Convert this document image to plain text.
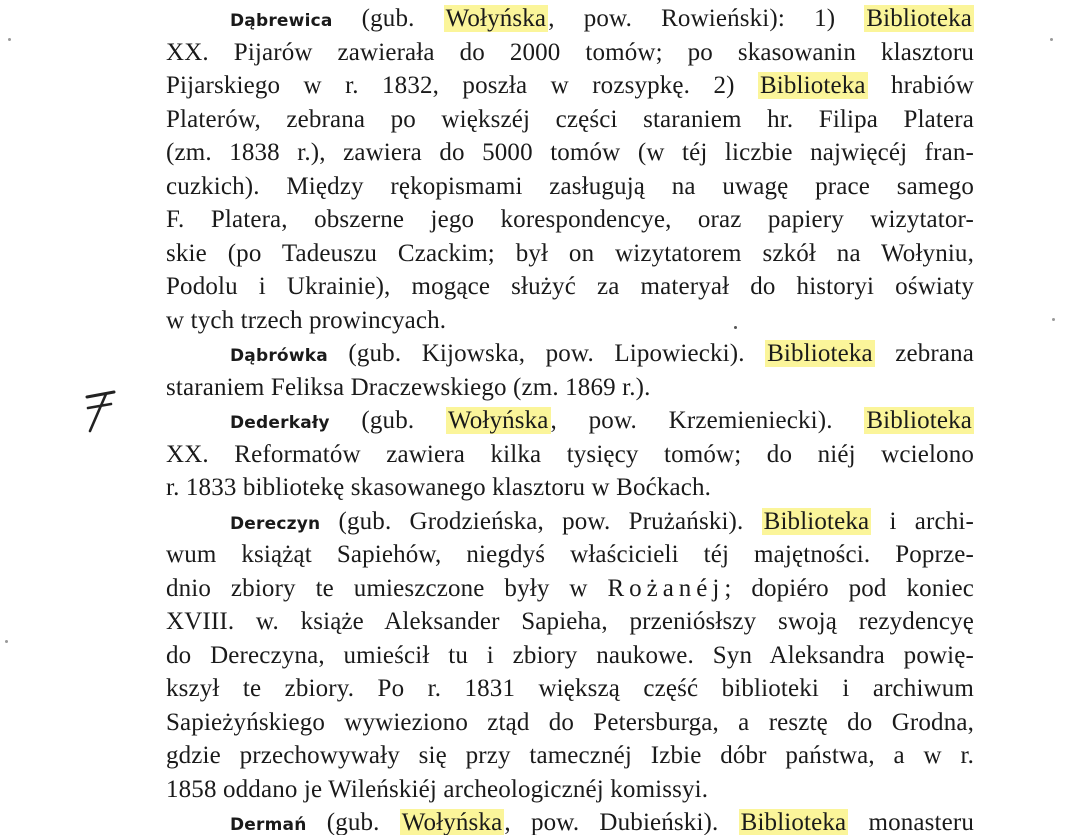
Dąbrewica (gub. Wołyńska, pow. Rowieński): 1) Biblioteka
XX. Pijarów zawierała do 2000 tomów; po skasowanin klasztoru
Pijarskiego w r. 1832, poszła w rozsypkę. 2) Biblioteka hrabiów
Platerów, zebrana po większéj części staraniem hr. Filipa Platera
(zm. 1838 r.), zawiera do 5000 tomów (w téj liczbie najwięcéj fran-
cuzkich). Między rękopismami zasługują na uwagę prace samego
F. Platera, obszerne jego korespondencye, oraz papiery wizytator-
skie (po Tadeuszu Czackim; był on wizytatorem szkół na Wołyniu,
Podolu i Ukrainie), mogące służyć za materyał do historyi oświaty
w tych trzech prowincyach.
Dąbrówka (gub. Kijowska, pow. Lipowiecki). Biblioteka zebrana
staraniem Feliksa Draczewskiego (zm. 1869 r.).
Dederkały (gub. Wołyńska, pow. Krzemieniecki). Biblioteka
XX. Reformatów zawiera kilka tysięcy tomów; do niéj wcielono
r. 1833 bibliotekę skasowanego klasztoru w Boćkach.
Dereczyn (gub. Grodzieńska, pow. Prużański). Biblioteka i archi-
wum książąt Sapiehów, niegdyś właścicieli téj majętności. Poprze-
dnio zbiory te umieszczone były w Rożanéj; dopiéro pod koniec
XVIII. w. książe Aleksander Sapieha, przeniósłszy swoją rezydencyę
do Dereczyna, umieścił tu i zbiory naukowe. Syn Aleksandra powię-
kszył te zbiory. Po r. 1831 większą część biblioteki i archiwum
Sapieżyńskiego wywieziono ztąd do Petersburga, a resztę do Grodna,
gdzie przechowywały się przy tamecznéj Izbie dóbr państwa, a w r.
1858 oddano je Wileńskiéj archeologicznéj komissyi.
Dermań (gub. Wołyńska, pow. Dubieński). Biblioteka monasteru
